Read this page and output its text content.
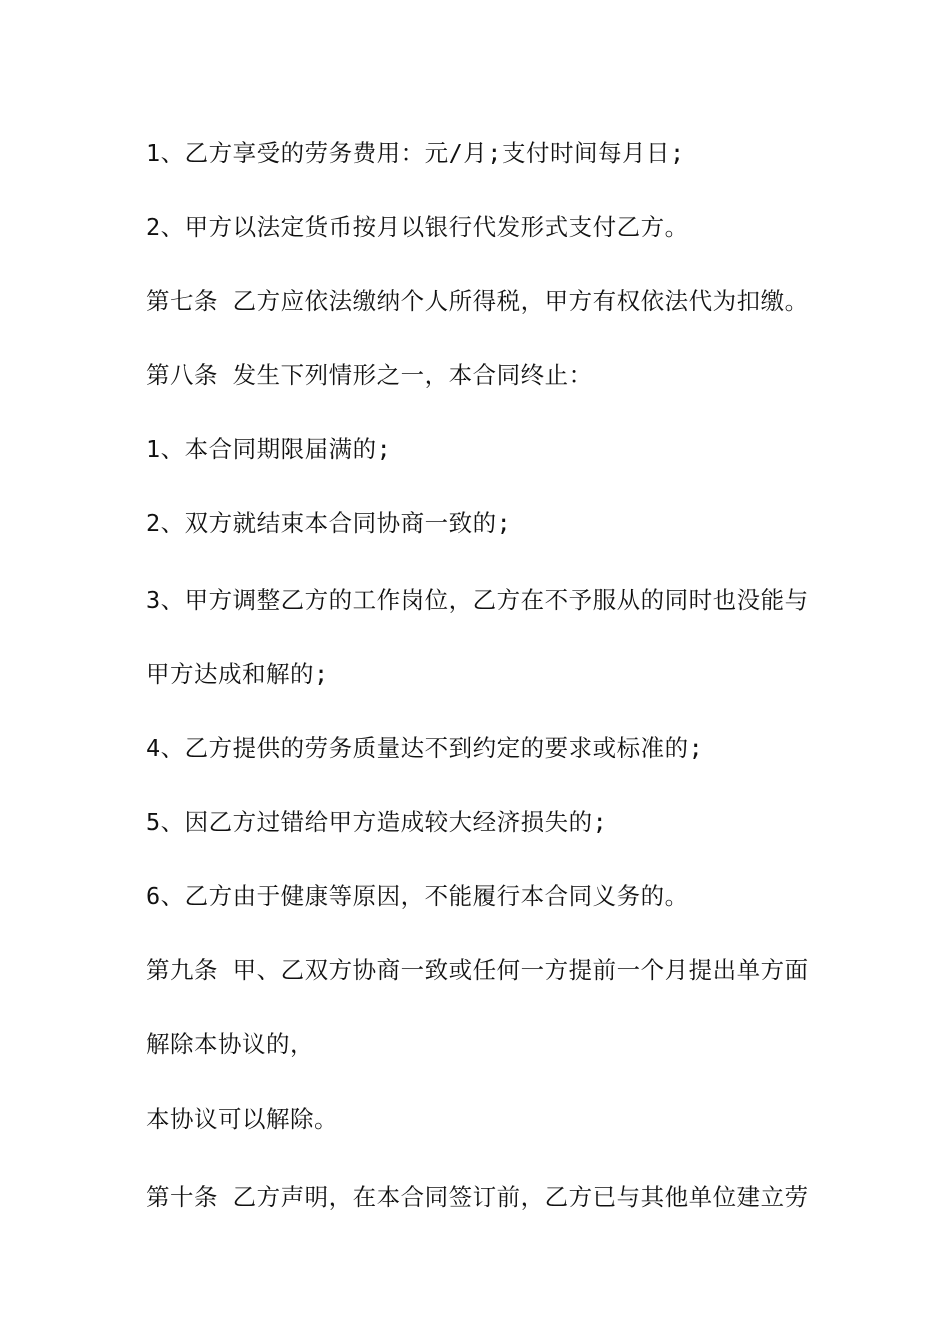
1、乙方享受的劳务费用：元/月;支付时间每月日;

2、甲方以法定货币按月以银行代发形式支付乙方。

第七条 乙方应依法缴纳个人所得税，甲方有权依法代为扣缴。

第八条 发生下列情形之一，本合同终止：

1、本合同期限届满的;

2、双方就结束本合同协商一致的;

3、甲方调整乙方的工作岗位，乙方在不予服从的同时也没能与

甲方达成和解的;

4、乙方提供的劳务质量达不到约定的要求或标准的;

5、因乙方过错给甲方造成较大经济损失的;

6、乙方由于健康等原因，不能履行本合同义务的。

第九条 甲、乙双方协商一致或任何一方提前一个月提出单方面

解除本协议的，

本协议可以解除。

第十条 乙方声明，在本合同签订前，乙方已与其他单位建立劳
